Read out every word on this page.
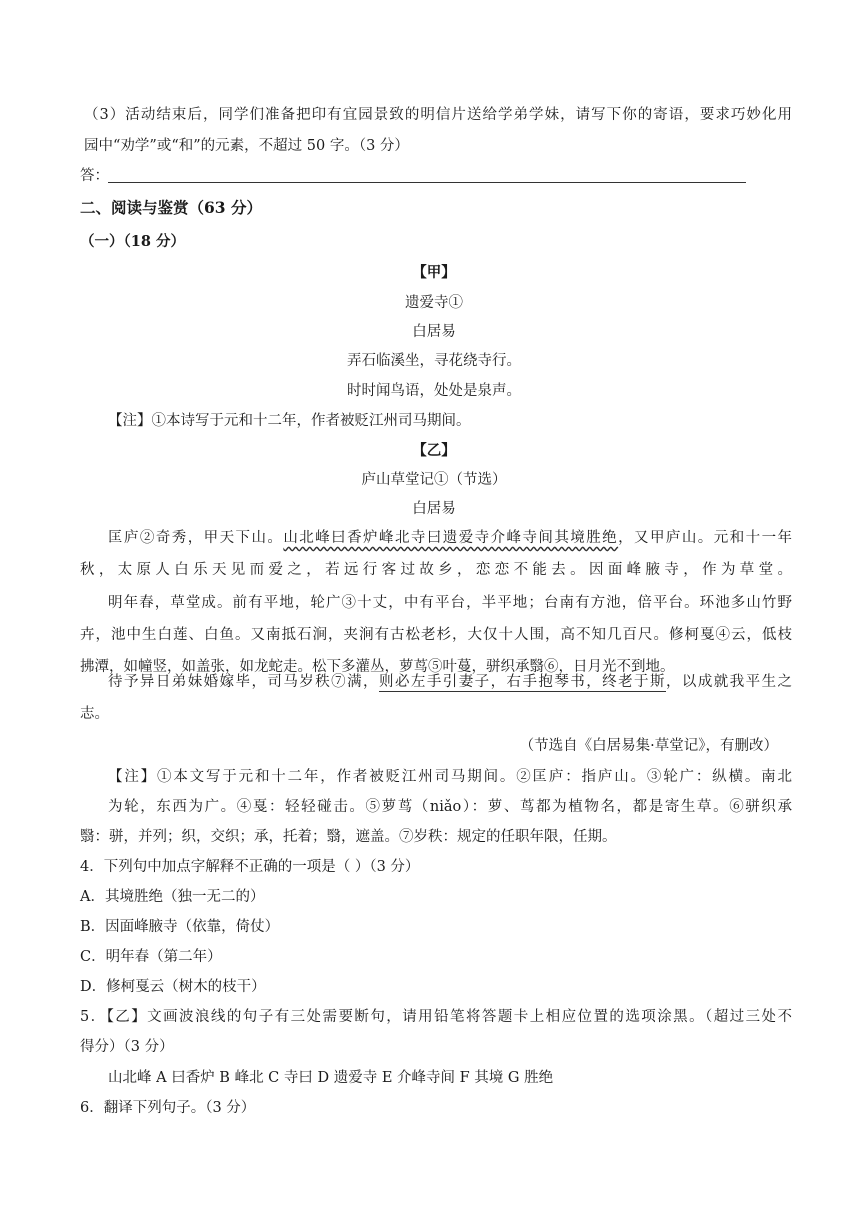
（3）活动结束后，同学们准备把印有宜园景致的明信片送给学弟学妹，请写下你的寄语，要求巧妙化用
园中“劝学”或“和”的元素，不超过 50 字。（3 分）
答：
二、阅读与鉴赏（63 分）
（一）（18 分）
【甲】
遗爱寺①
白居易
弄石临溪坐，寻花绕寺行。
时时闻鸟语，处处是泉声。
【注】①本诗写于元和十二年，作者被贬江州司马期间。
【乙】
庐山草堂记①（节选）
白居易
匡庐②奇秀，甲天下山。山北峰曰香炉峰北寺曰遗爱寺介峰寺间其境胜绝，又甲庐山。元和十一年
秋，太原人白乐天见而爱之，若远行客过故乡，恋恋不能去。因面峰腋寺，作为草堂。
明年春，草堂成。前有平地，轮广③十丈，中有平台，半平地；台南有方池，倍平台。环池多山竹野
卉，池中生白莲、白鱼。又南抵石涧，夹涧有古松老杉，大仅十人围，高不知几百尺。修柯戛④云，低枝
拂潭，如幢竖，如盖张，如龙蛇走。松下多灌丛，萝茑⑤叶蔓，骈织承翳⑥，日月光不到地。
待予异日弟妹婚嫁毕，司马岁秩⑦满，则必左手引妻子，右手抱琴书，终老于斯，以成就我平生之
志。
（节选自《白居易集·草堂记》，有删改）
【注】①本文写于元和十二年，作者被贬江州司马期间。②匡庐：指庐山。③轮广：纵横。南北
为轮，东西为广。④戛：轻轻碰击。⑤萝茑（niǎo）：萝、茑都为植物名，都是寄生草。⑥骈织承
翳：骈，并列；织，交织；承，托着；翳，遮盖。⑦岁秩：规定的任职年限，任期。
4．下列句中加点字解释不正确的一项是（ ）（3 分）
A．其境胜绝（独一无二的）
B．因面峰腋寺（依靠，倚仗）
C．明年春（第二年）
D．修柯戛云（树木的枝干）
5．【乙】文画波浪线的句子有三处需要断句，请用铅笔将答题卡上相应位置的选项涂黑。（超过三处不
得分）（3 分）
山北峰 A 曰香炉 B 峰北 C 寺曰 D 遗爱寺 E 介峰寺间 F 其境 G 胜绝
6．翻译下列句子。（3 分）
